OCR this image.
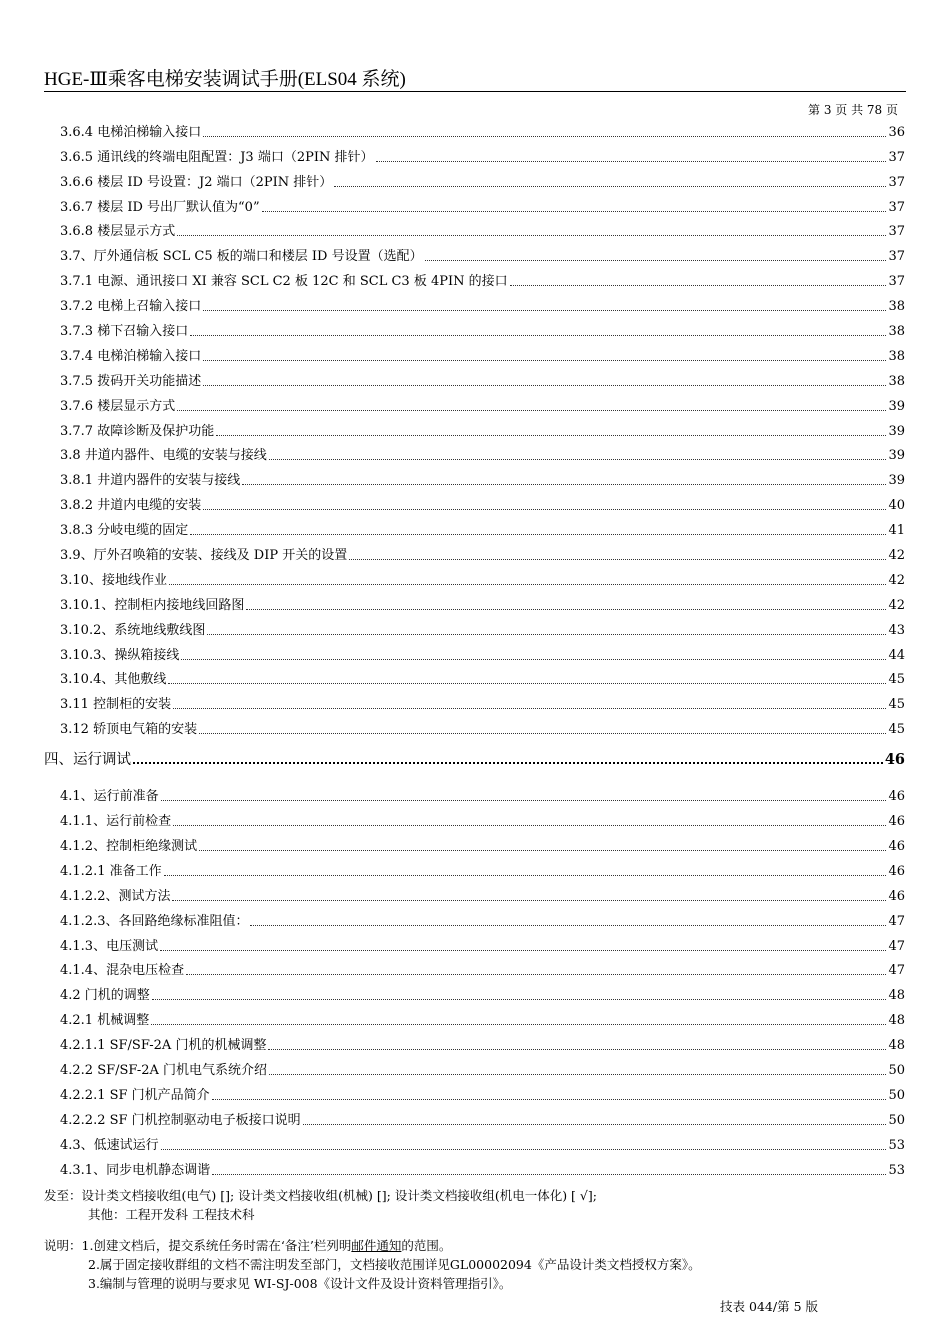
HGE-Ⅲ乘客电梯安装调试手册(ELS04 系统)
第 3 页 共 78 页
3.6.4 电梯泊梯输入接口	36
3.6.5 通讯线的终端电阻配置：J3 端口（2PIN 排针）	37
3.6.6 楼层 ID 号设置：J2 端口（2PIN 排针）	37
3.6.7 楼层 ID 号出厂默认值为“0”	37
3.6.8 楼层显示方式	37
3.7、厅外通信板 SCL C5 板的端口和楼层 ID 号设置（选配）	37
3.7.1 电源、通讯接口 XI 兼容 SCL C2 板 12C 和 SCL C3 板 4PIN 的接口	37
3.7.2 电梯上召输入接口	38
3.7.3 梯下召输入接口	38
3.7.4 电梯泊梯输入接口	38
3.7.5 拨码开关功能描述	38
3.7.6 楼层显示方式	39
3.7.7 故障诊断及保护功能	39
3.8 井道内器件、电缆的安装与接线	39
3.8.1 井道内器件的安装与接线	39
3.8.2 井道内电缆的安装	40
3.8.3 分岐电缆的固定	41
3.9、厅外召唤箱的安装、接线及 DIP 开关的设置	42
3.10、接地线作业	42
3.10.1、控制柜内接地线回路图	42
3.10.2、系统地线敷线图	43
3.10.3、操纵箱接线	44
3.10.4、其他敷线	45
3.11 控制柜的安装	45
3.12 轿顶电气箱的安装	45
四、运行调试	46
4.1、运行前准备	46
4.1.1、运行前检查	46
4.1.2、控制柜绝缘测试	46
4.1.2.1 准备工作	46
4.1.2.2、测试方法	46
4.1.2.3、各回路绝缘标准阻值：	47
4.1.3、电压测试	47
4.1.4、混杂电压检查	47
4.2 门机的调整	48
4.2.1 机械调整	48
4.2.1.1 SF/SF-2A 门机的机械调整	48
4.2.2 SF/SF-2A 门机电气系统介绍	50
4.2.2.1 SF 门机产品简介	50
4.2.2.2 SF 门机控制驱动电子板接口说明	50
4.3、低速试运行	53
4.3.1、同步电机静态调谐	53
发至：设计类文档接收组(电气) []; 设计类文档接收组(机械) []; 设计类文档接收组(机电一体化) [ √];
其他：工程开发科 工程技术科
说明：1.创建文档后，提交系统任务时需在‘备注’栏列明邮件通知的范围。
2.属于固定接收群组的文档不需注明发至部门，文档接收范围详见GL00002094《产品设计类文档授权方案》。
3.编制与管理的说明与要求见 WI-SJ-008《设计文件及设计资料管理指引》。
技表 044/第 5 版
